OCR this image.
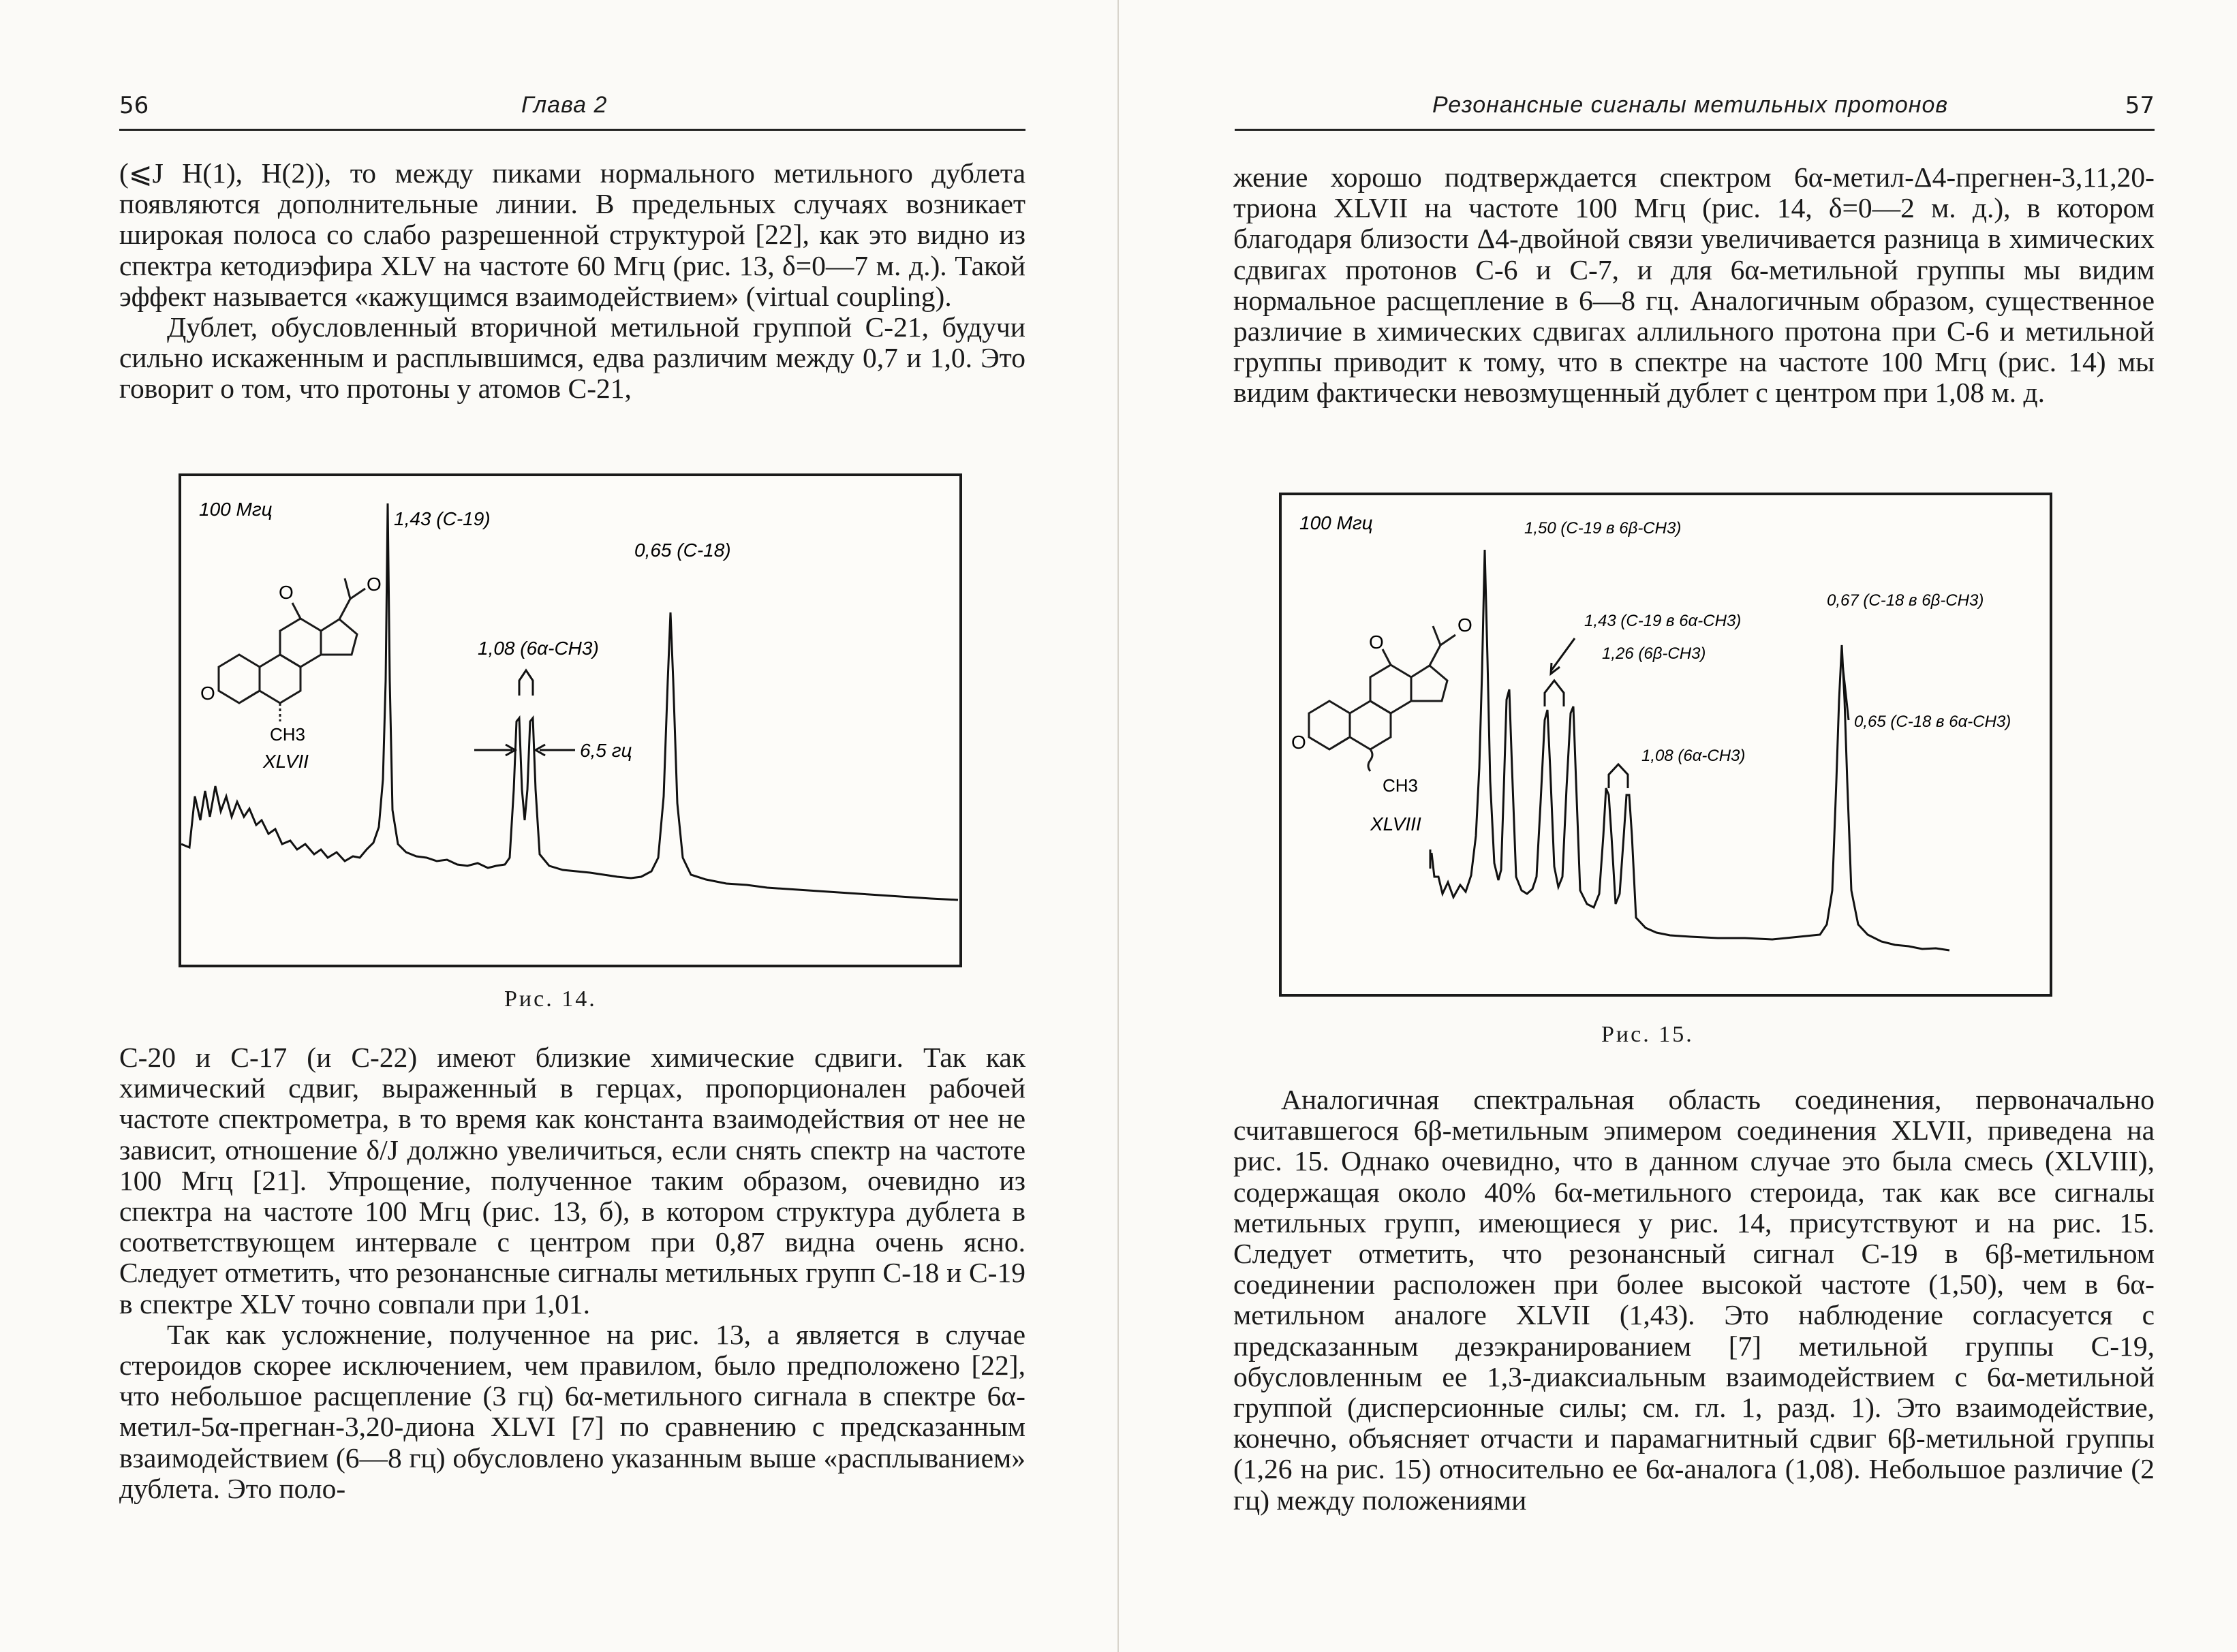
56	Глава 2

(⩽J H(1), H(2)), то между пиками нормального метильного дублета появляются дополнительные линии. В предельных случаях возникает широкая полоса со слабо разрешенной структурой [22], как это видно из спектра кетодиэфира XLV на частоте 60 Мгц (рис. 13, δ=0—7 м. д.). Такой эффект называется «кажущимся взаимодействием» (virtual coupling).

Дублет, обусловленный вторичной метильной группой C-21, будучи сильно искаженным и расплывшимся, едва различим между 0,7 и 1,0. Это говорит о том, что протоны у атомов C-21,

100 Мгц
O
O	O
CH3
XLVII
1,43 (C-19)
0,65 (C-18)
1,08 (6α-CH3)
6,5 гц
Рис. 14.

C-20 и C-17 (и C-22) имеют близкие химические сдвиги. Так как химический сдвиг, выраженный в герцах, пропорционален рабочей частоте спектрометра, в то время как константа взаимодействия от нее не зависит, отношение δ/J должно увеличиться, если снять спектр на частоте 100 Мгц [21]. Упрощение, полученное таким образом, очевидно из спектра на частоте 100 Мгц (рис. 13, б), в котором структура дублета в соответствующем интервале с центром при 0,87 видна очень ясно. Следует отметить, что резонансные сигналы метильных групп C-18 и C-19 в спектре XLV точно совпали при 1,01.

Так как усложнение, полученное на рис. 13, а является в случае стероидов скорее исключением, чем правилом, было предположено [22], что небольшое расщепление (3 гц) 6α-метильного сигнала в спектре 6α-метил-5α-прегнан-3,20-диона XLVI [7] по сравнению с предсказанным взаимодействием (6—8 гц) обусловлено указанным выше «расплыванием» дублета. Это поло-

Резонансные сигналы метильных протонов	57

жение хорошо подтверждается спектром 6α-метил-Δ4-прегнен-3,11,20-триона XLVII на частоте 100 Мгц (рис. 14, δ=0—2 м. д.), в котором благодаря близости Δ4-двойной связи увеличивается разница в химических сдвигах протонов C-6 и C-7, и для 6α-метильной группы мы видим нормальное расщепление в 6—8 гц. Аналогичным образом, существенное различие в химических сдвигах аллильного протона при C-6 и метильной группы приводит к тому, что в спектре на частоте 100 Мгц (рис. 14) мы видим фактически невозмущенный дублет с центром при 1,08 м. д.

100 Мгц
O
O
O
CH3
XLVIII
1,50 (C-19 в 6β-CH3)
1,43 (C-19 в 6α-CH3)
1,26 (6β-CH3)
1,08 (6α-CH3)
0,67 (C-18 в 6β-CH3)
0,65 (C-18 в 6α-CH3)
Рис. 15.

Аналогичная спектральная область соединения, первоначально считавшегося 6β-метильным эпимером соединения XLVII, приведена на рис. 15. Однако очевидно, что в данном случае это была смесь (XLVIII), содержащая около 40% 6α-метильного стероида, так как все сигналы метильных групп, имеющиеся у рис. 14, присутствуют и на рис. 15. Следует отметить, что резонансный сигнал C-19 в 6β-метильном соединении расположен при более высокой частоте (1,50), чем в 6α-метильном аналоге XLVII (1,43). Это наблюдение согласуется с предсказанным дезэкранированием [7] метильной группы C-19, обусловленным ее 1,3-диаксиальным взаимодействием с 6α-метильной группой (дисперсионные силы; см. гл. 1, разд. 1). Это взаимодействие, конечно, объясняет отчасти и парамагнитный сдвиг 6β-метильной группы (1,26 на рис. 15) относительно ее 6α-аналога (1,08). Небольшое различие (2 гц) между положениями
